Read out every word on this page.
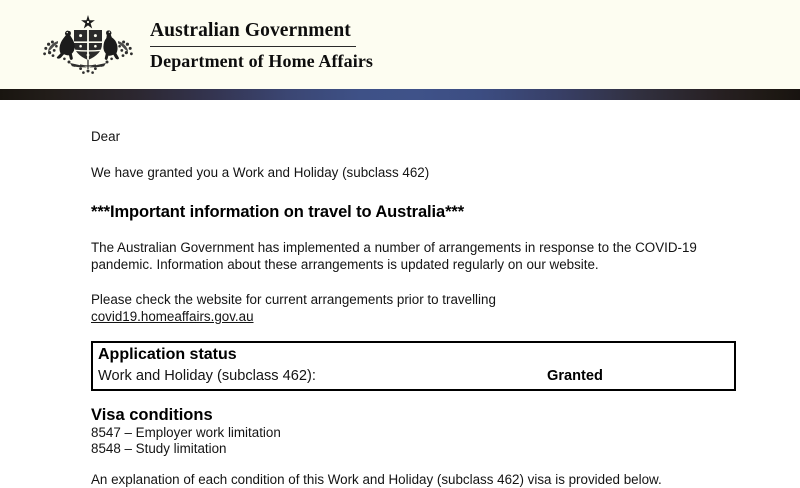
Australian Government
Department of Home Affairs
Dear
We have granted you a Work and Holiday (subclass 462)
***Important information on travel to Australia***
The Australian Government has implemented a number of arrangements in response to the COVID-19 pandemic. Information about these arrangements is updated regularly on our website.
Please check the website for current arrangements prior to travelling
covid19.homeaffairs.gov.au
Application status
Work and Holiday (subclass 462):	Granted
Visa conditions
8547 – Employer work limitation
8548 – Study limitation
An explanation of each condition of this Work and Holiday (subclass 462) visa is provided below.
